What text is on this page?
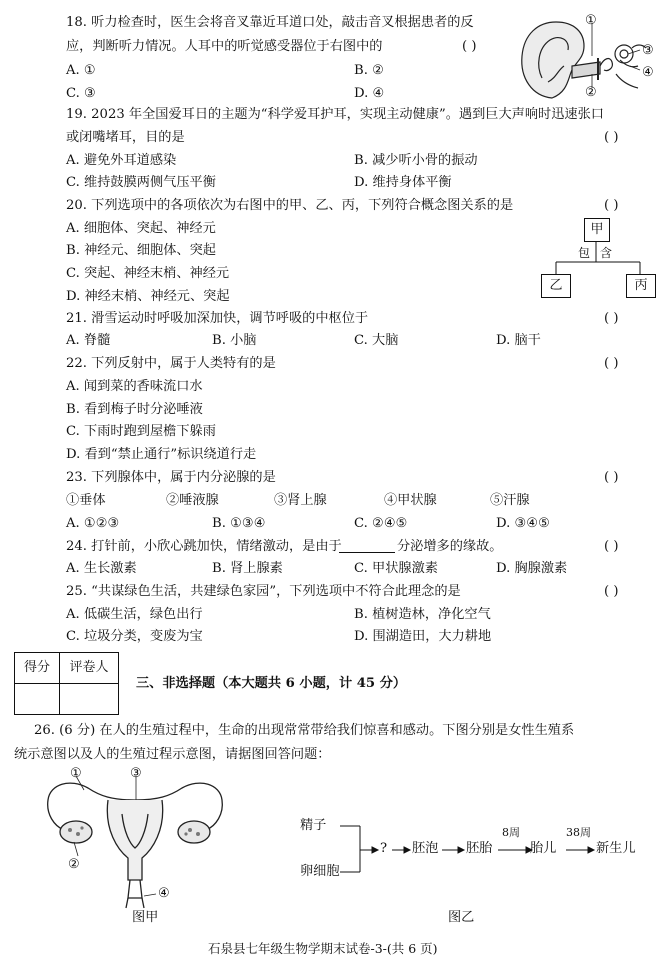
18. 听力检查时，医生会将音叉靠近耳道口处，敲击音叉根据患者的反
应，判断听力情况。人耳中的听觉感受器位于右图中的	( )
A. ①	B. ②
C. ③	D. ④
①
③
④
②
19. 2023 年全国爱耳日的主题为“科学爱耳护耳，实现主动健康”。遇到巨大声响时迅速张口
或闭嘴堵耳，目的是	( )
A. 避免外耳道感染	B. 减少听小骨的振动
C. 维持鼓膜两侧气压平衡	D. 维持身体平衡
20. 下列选项中的各项依次为右图中的甲、乙、丙，下列符合概念图关系的是	( )
A. 细胞体、突起、神经元
B. 神经元、细胞体、突起
C. 突起、神经末梢、神经元
D. 神经末梢、神经元、突起
甲
包 含
乙	丙
21. 滑雪运动时呼吸加深加快，调节呼吸的中枢位于	( )
A. 脊髓	B. 小脑	C. 大脑	D. 脑干
22. 下列反射中，属于人类特有的是	( )
A. 闻到菜的香味流口水
B. 看到梅子时分泌唾液
C. 下雨时跑到屋檐下躲雨
D. 看到“禁止通行”标识绕道行走
23. 下列腺体中，属于内分泌腺的是	( )
①垂体	②唾液腺	③肾上腺	④甲状腺	⑤汗腺
A. ①②③	B. ①③④	C. ②④⑤	D. ③④⑤
24. 打针前，小欣心跳加快，情绪激动，是由于	分泌增多的缘故。	( )
A. 生长激素	B. 肾上腺素	C. 甲状腺激素	D. 胸腺激素
25. “共谋绿色生活，共建绿色家园”，下列选项中不符合此理念的是	( )
A. 低碳生活，绿色出行	B. 植树造林，净化空气
C. 垃圾分类，变废为宝	D. 围湖造田，大力耕地
得分	评卷人

三、非选择题（本大题共 6 小题，计 45 分）
26. (6 分) 在人的生殖过程中，生命的出现常常带给我们惊喜和感动。下图分别是女性生殖系
统示意图以及人的生殖过程示意图，请据图回答问题：
①	③
②
④
图甲
精子
卵细胞
? 胚泡 胚胎
8周
胎儿
38周
新生儿
图乙
石泉县七年级生物学期末试卷-3-(共 6 页)
